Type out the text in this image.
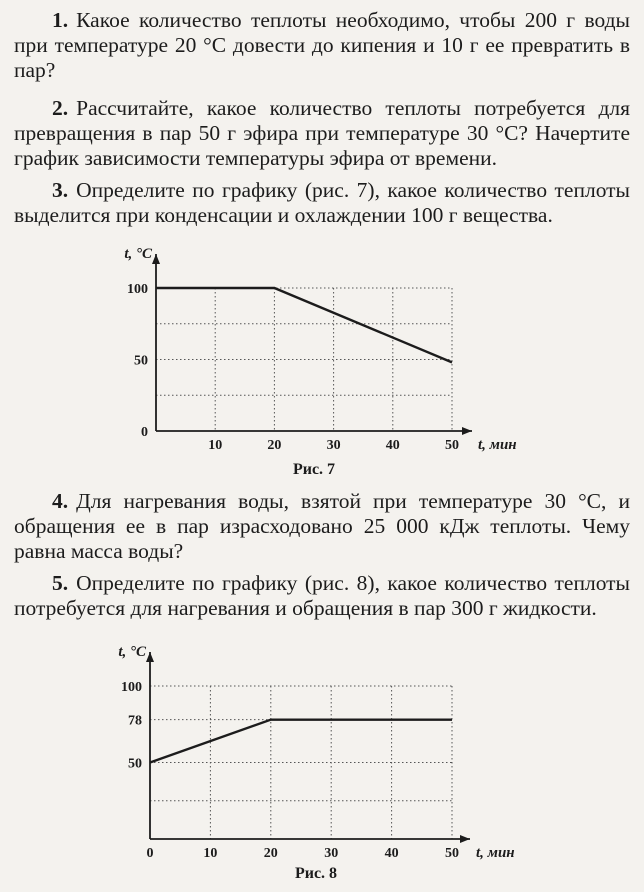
1. Какое количество теплоты необходимо, чтобы 200 г воды при температуре 20 °С довести до кипения и 10 г ее превратить в пар?

2. Рассчитайте, какое количество теплоты потребуется для превращения в пар 50 г эфира при температуре 30 °С? Начертите график зависимости температуры эфира от времени.

3. Определите по графику (рис. 7), какое количество теплоты выделится при конденсации и охлаждении 100 г вещества.

10	20	30	40	50
0
50
100
t, °C
t, мин
Рис. 7

4. Для нагревания воды, взятой при температуре 30 °С, и обращения ее в пар израсходовано 25 000 кДж теплоты. Чему равна масса воды?

5. Определите по графику (рис. 8), какое количество теплоты потребуется для нагревания и обращения в пар 300 г жидкости.

0	10	20	30	40	50
50
78
100
t, °C
t, мин
Рис. 8
